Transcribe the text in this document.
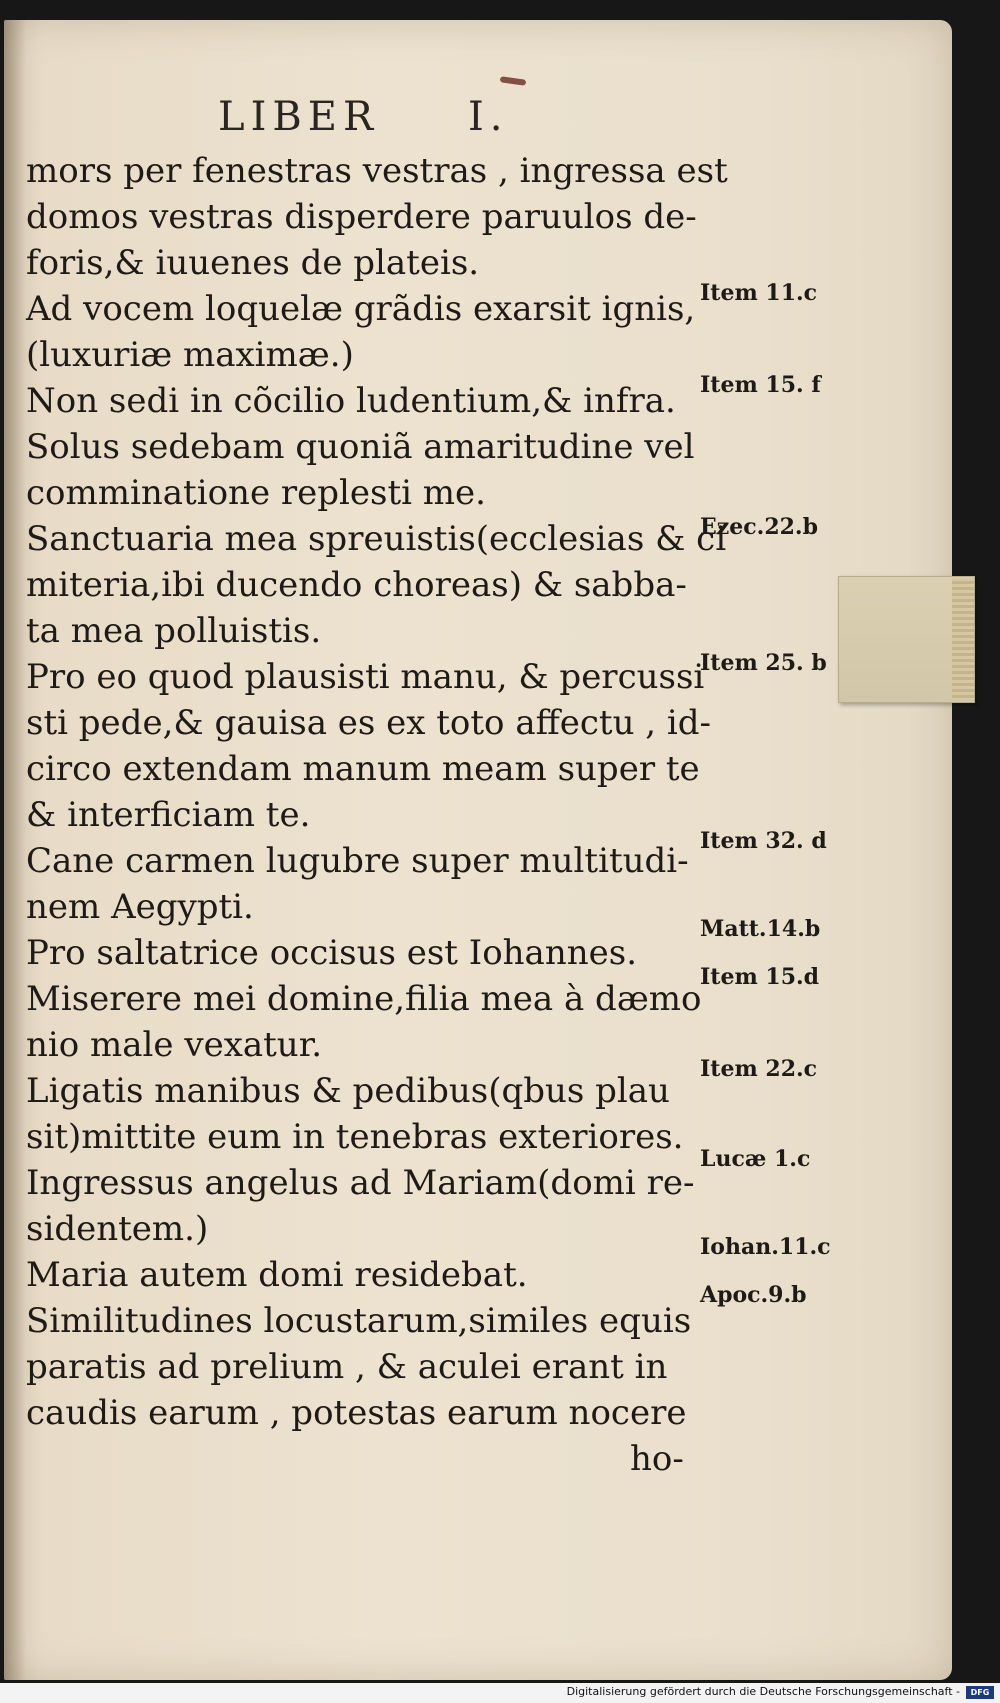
LIBER I.
mors per fenestras vestras , ingressa est
domos vestras disperdere paruulos de-
foris,& iuuenes de plateis.
Ad vocem loquelæ grãdis exarsit ignis,
(luxuriæ maximæ.)
Non sedi in cõcilio ludentium,& infra.
Solus sedebam quoniã amaritudine vel
comminatione replesti me.
Sanctuaria mea spreuistis(ecclesias & ci
miteria,ibi ducendo choreas) & sabba-
ta mea polluistis.
Pro eo quod plausisti manu, & percussi
sti pede,& gauisa es ex toto affectu , id-
circo extendam manum meam super te
& interficiam te.
Cane carmen lugubre super multitudi-
nem Aegypti.
Pro saltatrice occisus est Iohannes.
Miserere mei domine,filia mea à dæmo
nio male vexatur.
Ligatis manibus & pedibus(qbus plau
sit)mittite eum in tenebras exteriores.
Ingressus angelus ad Mariam(domi re-
sidentem.)
Maria autem domi residebat.
Similitudines locustarum,similes equis
paratis ad prelium , & aculei erant in
caudis earum , potestas earum nocere
ho-
Item 11.c
Item 15. f
Ezec.22.b
Item 25. b
Item 32. d
Matt.14.b
Item 15.d
Item 22.c
Lucæ 1.c
Iohan.11.c
Apoc.9.b
Digitalisierung gefördert durch die Deutsche Forschungsgemeinschaft -	DFG
